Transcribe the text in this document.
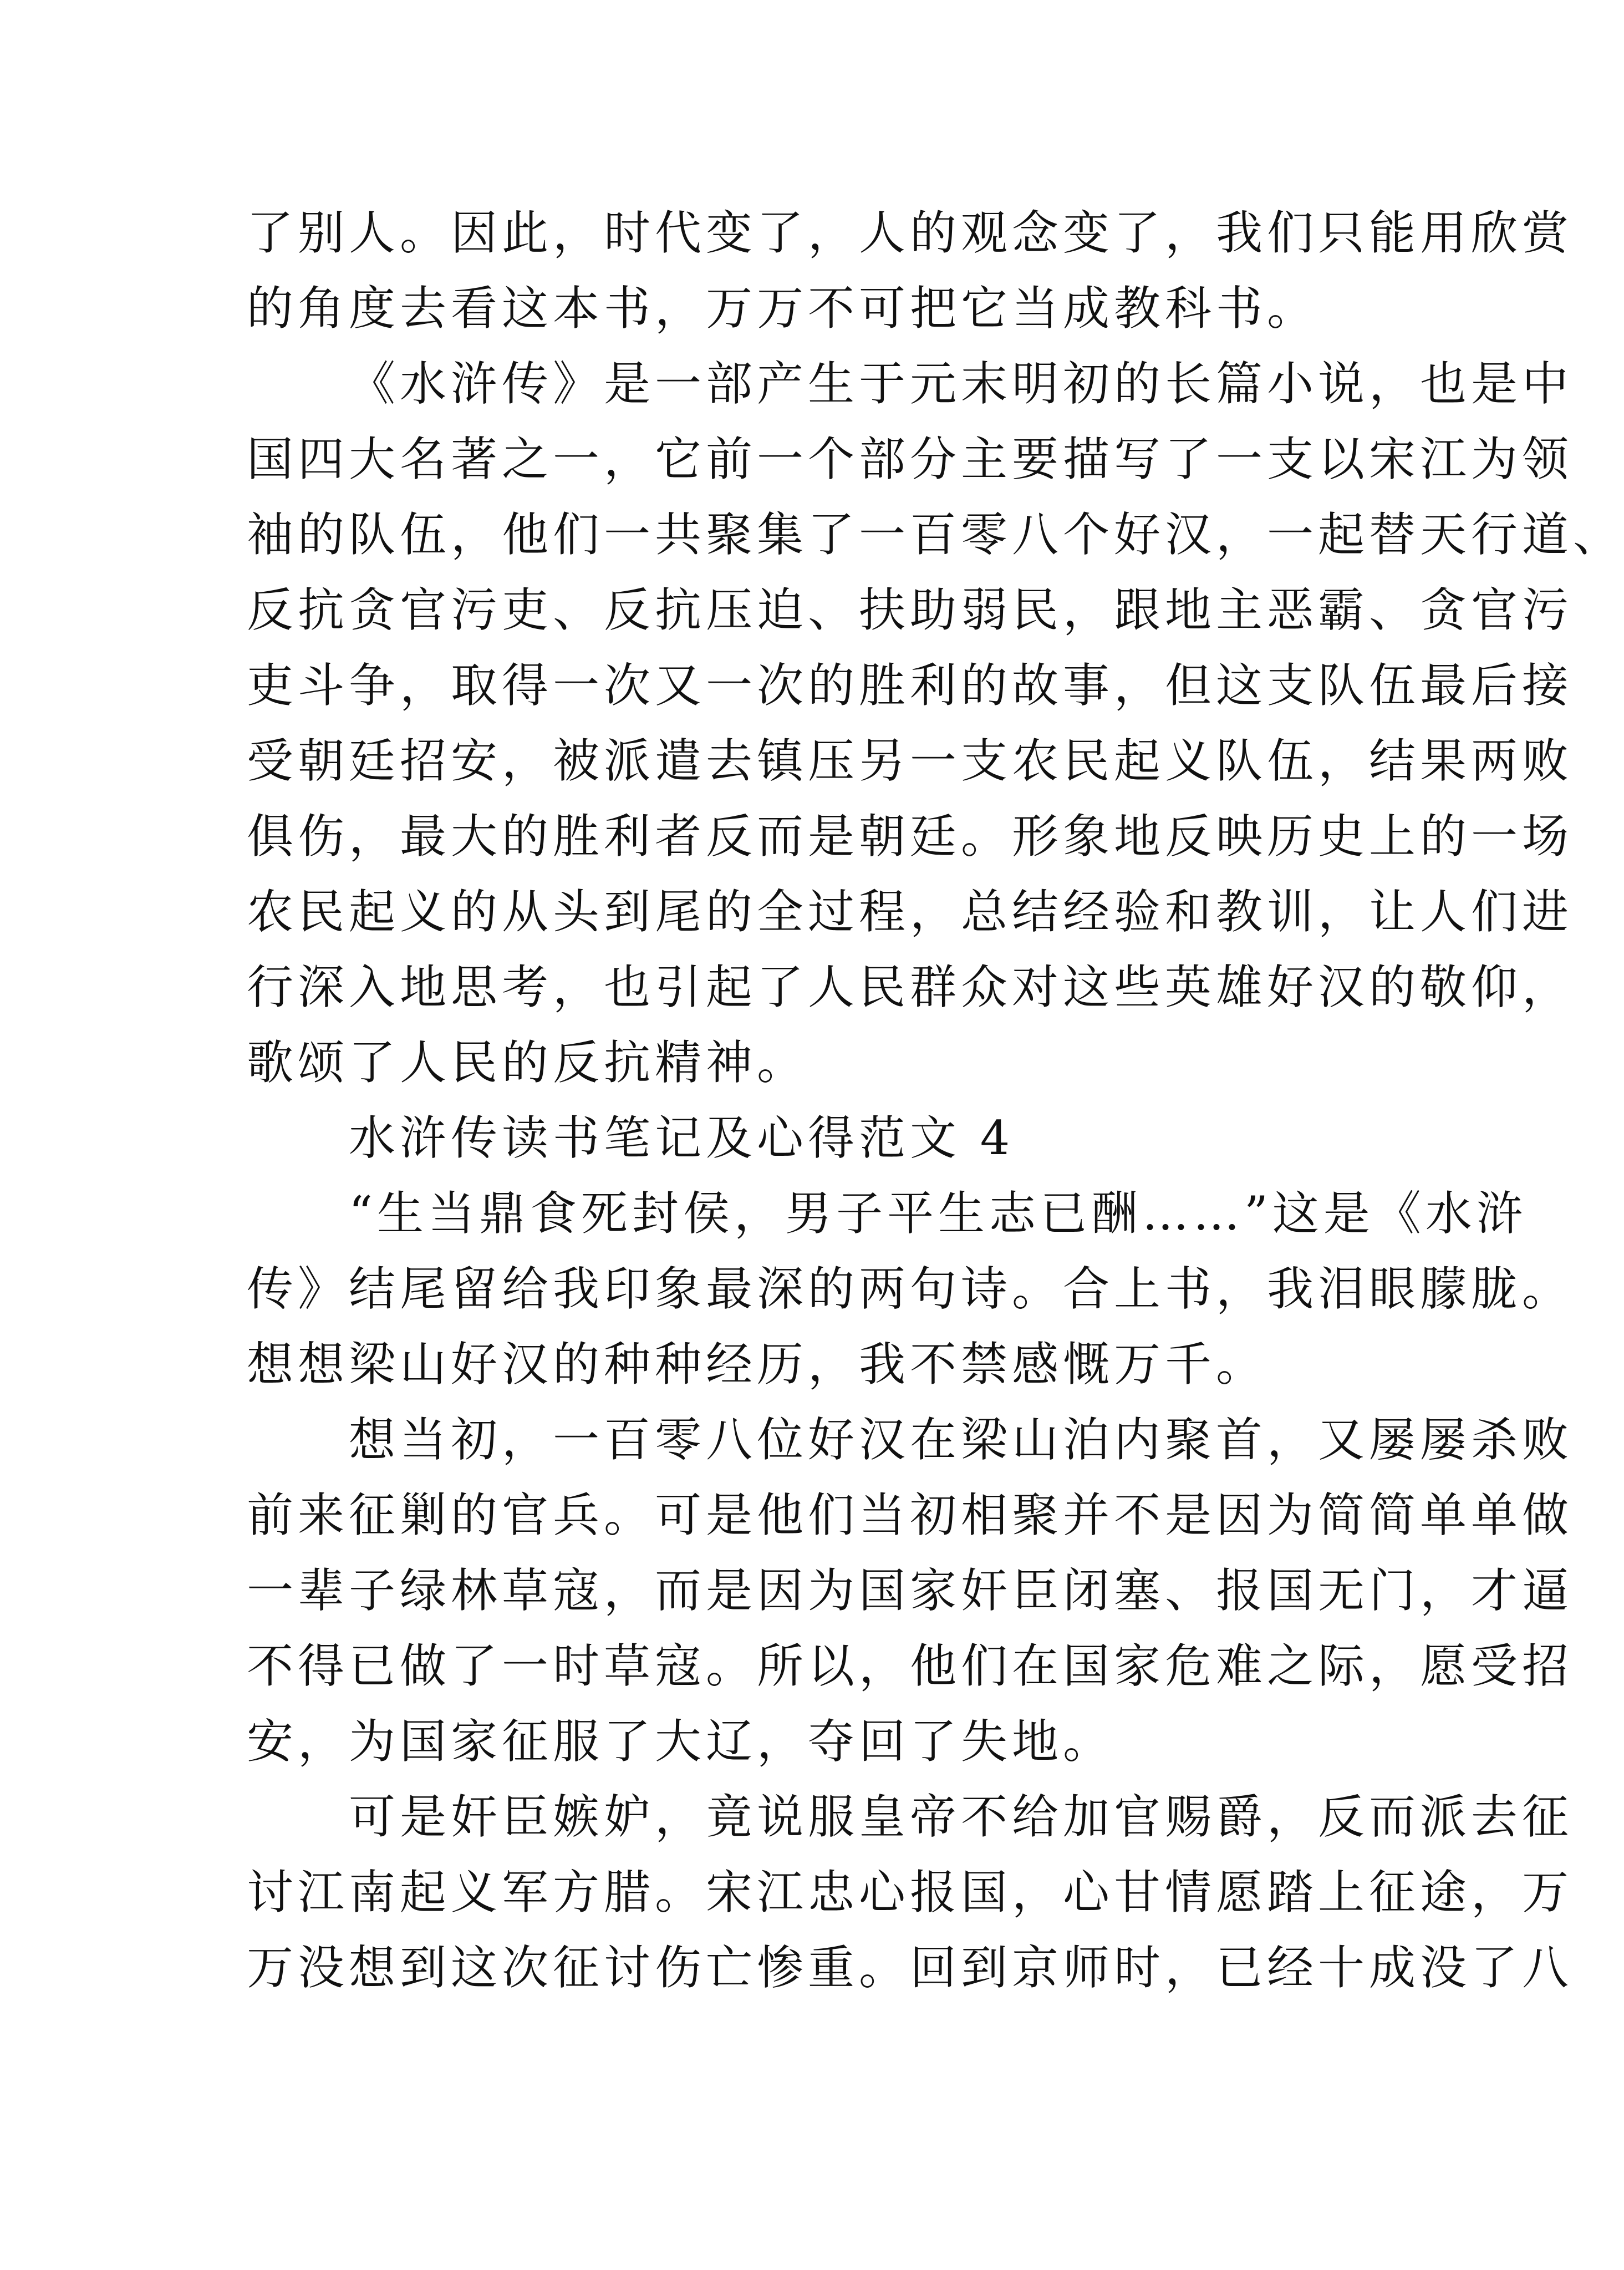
了别人。因此，时代变了，人的观念变了，我们只能用欣赏
的角度去看这本书，万万不可把它当成教科书。
《水浒传》是一部产生于元末明初的长篇小说，也是中
国四大名著之一，它前一个部分主要描写了一支以宋江为领
袖的队伍，他们一共聚集了一百零八个好汉，一起替天行道、
反抗贪官污吏、反抗压迫、扶助弱民，跟地主恶霸、贪官污
吏斗争，取得一次又一次的胜利的故事，但这支队伍最后接
受朝廷招安，被派遣去镇压另一支农民起义队伍，结果两败
俱伤，最大的胜利者反而是朝廷。形象地反映历史上的一场
农民起义的从头到尾的全过程，总结经验和教训，让人们进
行深入地思考，也引起了人民群众对这些英雄好汉的敬仰，
歌颂了人民的反抗精神。
水浒传读书笔记及心得范文 4
“生当鼎食死封侯，男子平生志已酬……”这是《水浒
传》结尾留给我印象最深的两句诗。合上书，我泪眼朦胧。
想想梁山好汉的种种经历，我不禁感慨万千。
想当初，一百零八位好汉在梁山泊内聚首，又屡屡杀败
前来征剿的官兵。可是他们当初相聚并不是因为简简单单做
一辈子绿林草寇，而是因为国家奸臣闭塞、报国无门，才逼
不得已做了一时草寇。所以，他们在国家危难之际，愿受招
安，为国家征服了大辽，夺回了失地。
可是奸臣嫉妒，竟说服皇帝不给加官赐爵，反而派去征
讨江南起义军方腊。宋江忠心报国，心甘情愿踏上征途，万
万没想到这次征讨伤亡惨重。回到京师时，已经十成没了八
